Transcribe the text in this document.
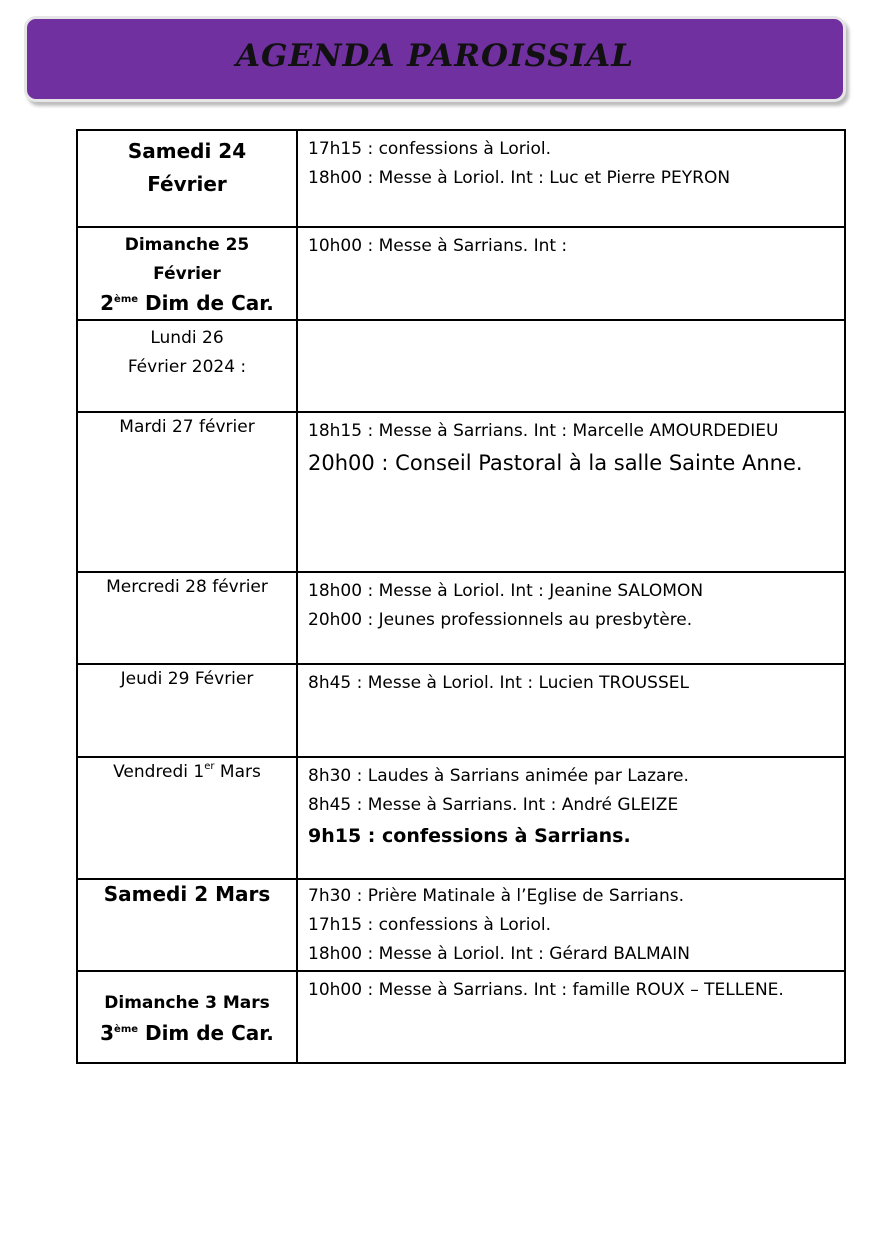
AGENDA PAROISSIAL
Samedi 24
Février	17h15 : confessions à Loriol.
18h00 : Messe à Loriol. Int : Luc et Pierre PEYRON

Dimanche 25
Février
2ème Dim de Car.	10h00 : Messe à Sarrians. Int :

Lundi 26
Février 2024 :	

Mardi 27 février	18h15 : Messe à Sarrians. Int : Marcelle AMOURDEDIEU
20h00 : Conseil Pastoral à la salle Sainte Anne.

Mercredi 28 février	18h00 : Messe à Loriol. Int : Jeanine SALOMON
20h00 : Jeunes professionnels au presbytère.

Jeudi 29 Février	8h45 : Messe à Loriol. Int : Lucien TROUSSEL

Vendredi 1er Mars	8h30 : Laudes à Sarrians animée par Lazare.
8h45 : Messe à Sarrians. Int : André GLEIZE
9h15 : confessions à Sarrians.

Samedi 2 Mars	7h30 : Prière Matinale à l’Eglise de Sarrians.
17h15 : confessions à Loriol.
18h00 : Messe à Loriol. Int : Gérard BALMAIN

Dimanche 3 Mars
3ème Dim de Car.	10h00 : Messe à Sarrians. Int : famille ROUX – TELLENE.
